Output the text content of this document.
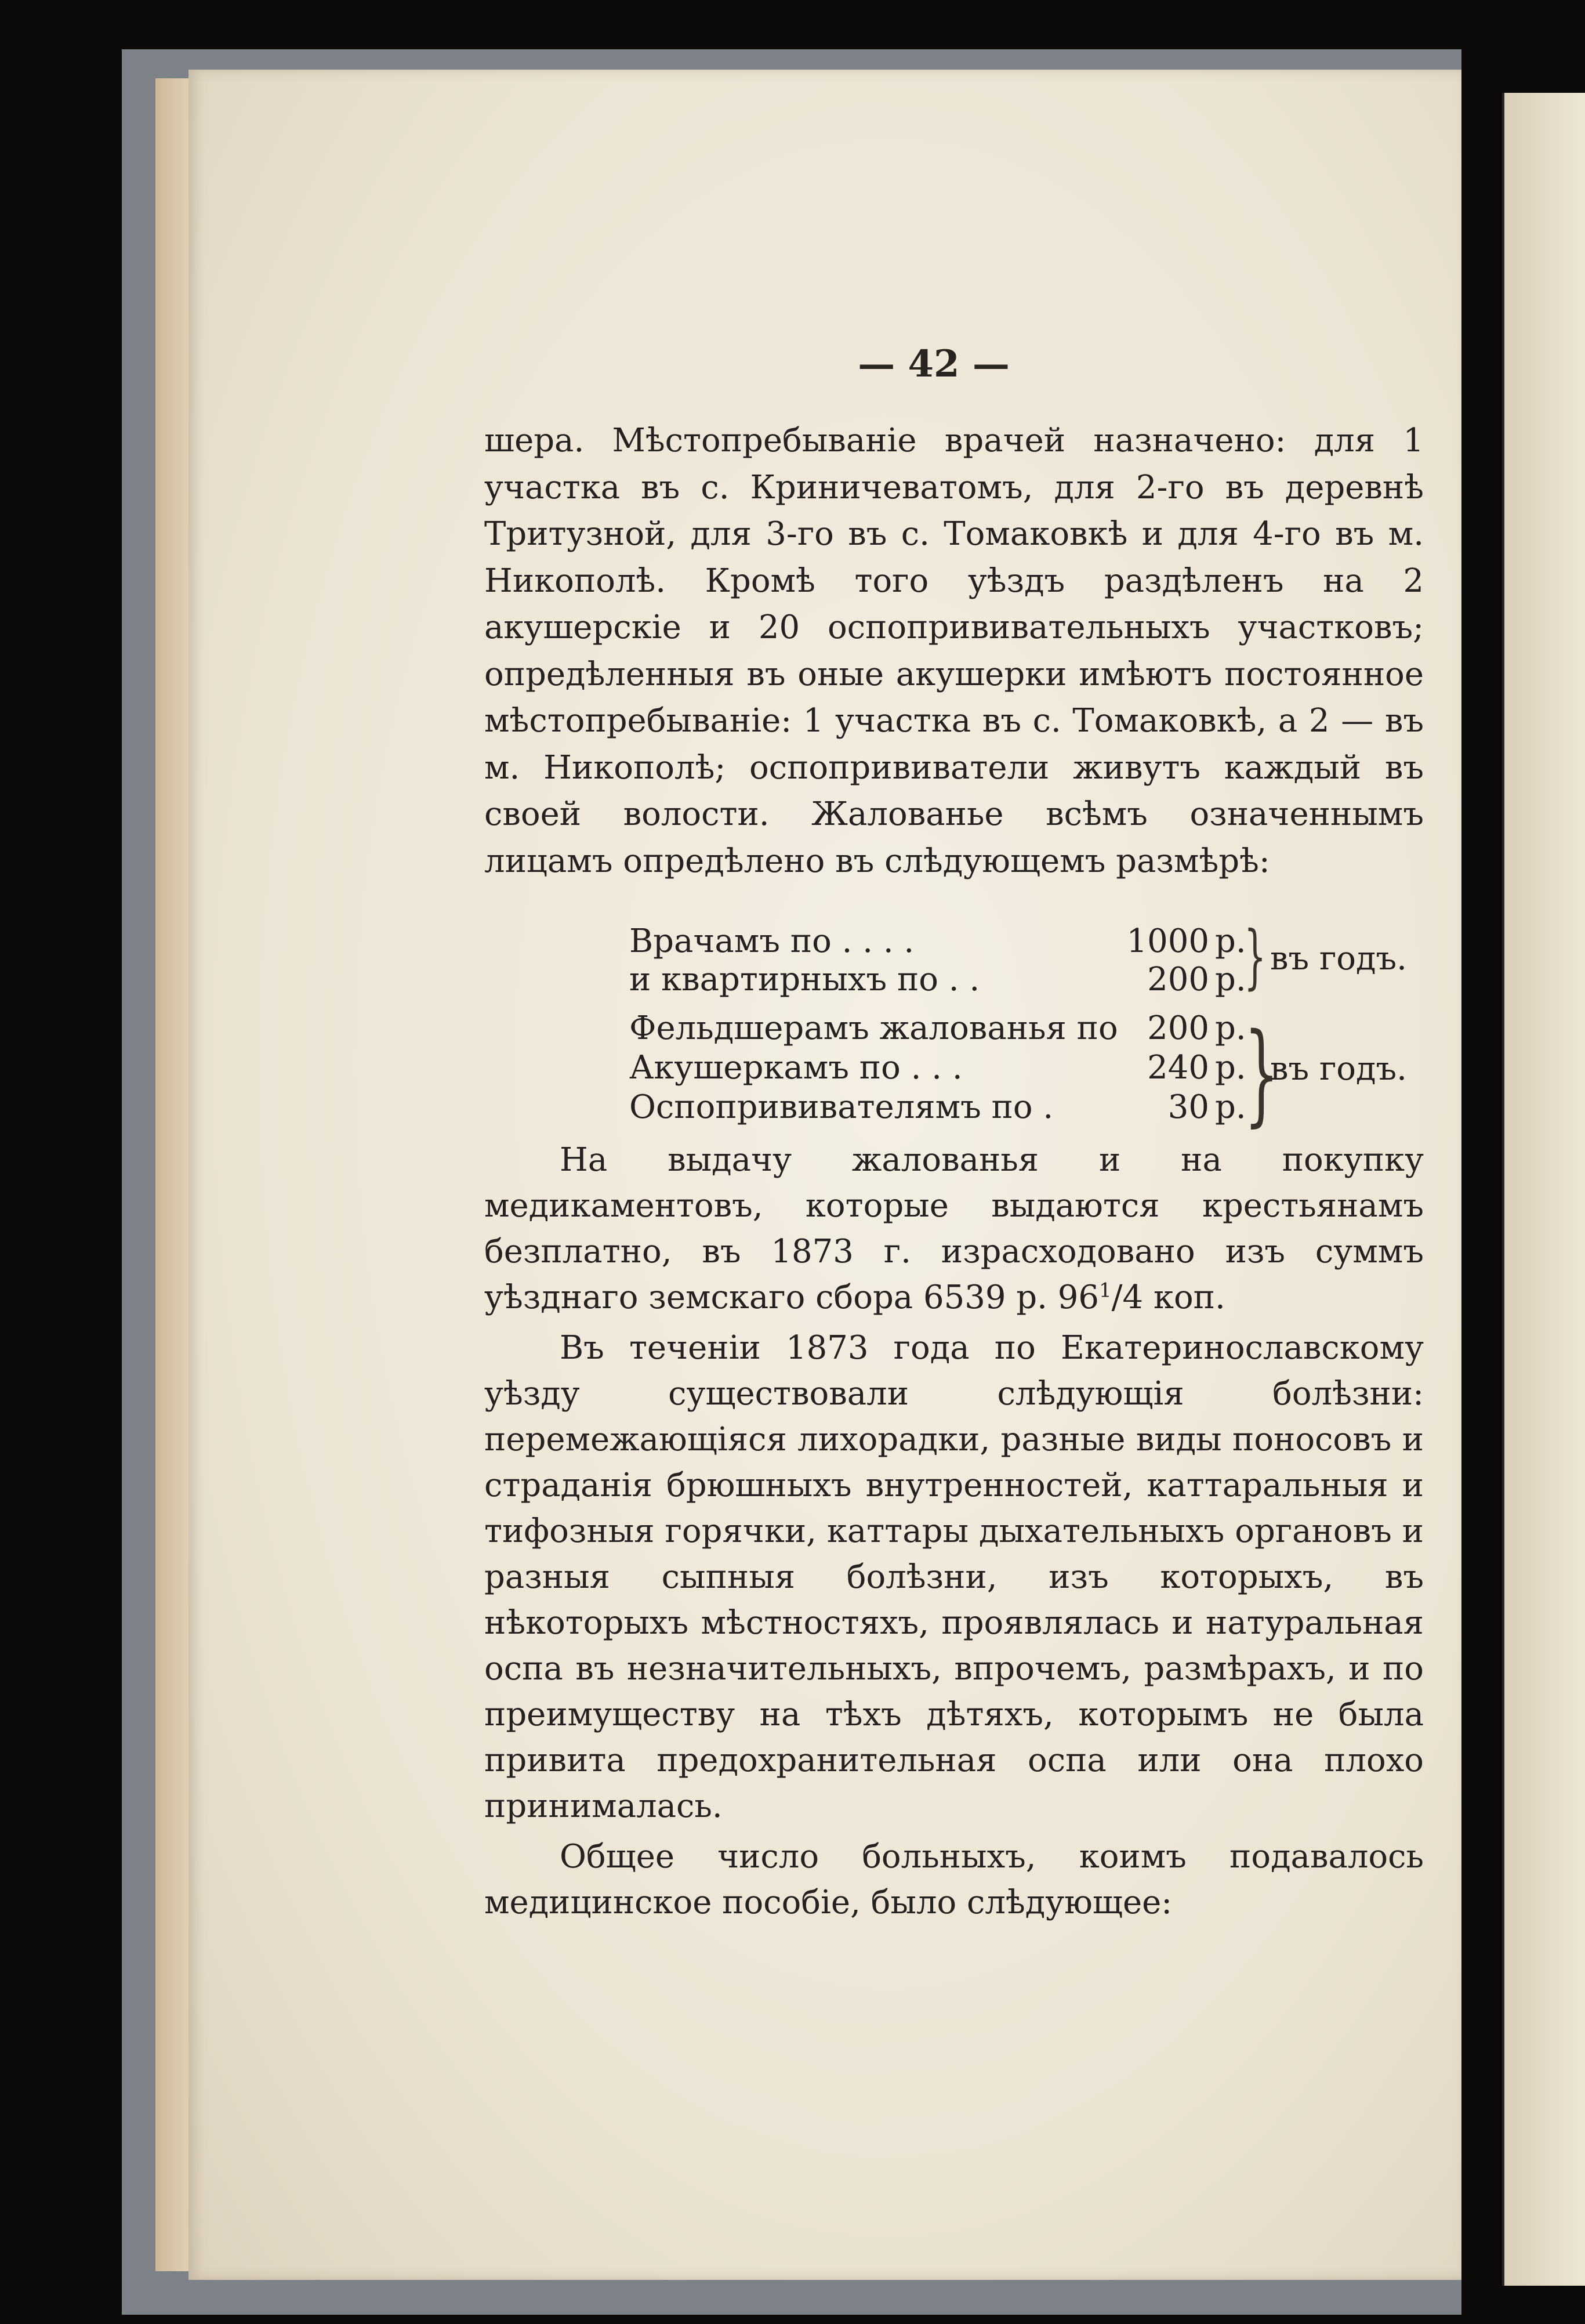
— 42 —

шера. Мѣстопребываніе врачей назначено: для 1 участка въ с. Криничеватомъ, для 2-го въ деревнѣ Тритузной, для 3-го въ с. Томаковкѣ и для 4-го въ м. Никополѣ. Кромѣ того уѣздъ раздѣленъ на 2 акушерскіе и 20 оспопрививательныхъ участковъ; опредѣленныя въ оные акушерки имѣютъ постоянное мѣстопребываніе: 1 участка въ с. Томаковкѣ, а 2 — въ м. Никополѣ; оспопрививатели живутъ каждый въ своей волости. Жалованье всѣмъ означеннымъ лицамъ опредѣлено въ слѣдующемъ размѣрѣ:

Врачамъ по . . . .	1000 р.
и квартирныхъ по . .	200 р.
} въ годъ.
Фельдшерамъ жалованья по 200 р.
Акушеркамъ по . . .	240 р.
Оспопрививателямъ по .	30 р.
}
въ годъ.

На выдачу жалованья и на покупку медикаментовъ, которые выдаются крестьянамъ безплатно, въ 1873 г. израсходовано изъ суммъ уѣзднаго земскаго сбора 6539 р. $96^1/4$ коп.

Въ теченіи 1873 года по Екатеринославскому уѣзду существовали слѣдующія болѣзни: перемежающіяся лихорадки, разные виды поносовъ и страданія брюшныхъ внутренностей, каттаральныя и тифозныя горячки, каттары дыхательныхъ органовъ и разныя сыпныя болѣзни, изъ которыхъ, въ нѣкоторыхъ мѣстностяхъ, проявлялась и натуральная оспа въ незначительныхъ, впрочемъ, размѣрахъ, и по преимуществу на тѣхъ дѣтяхъ, которымъ не была привита предохранительная оспа или она плохо принималась.

Общее число больныхъ, коимъ подавалось медицинское пособіе, было слѣдующее:
